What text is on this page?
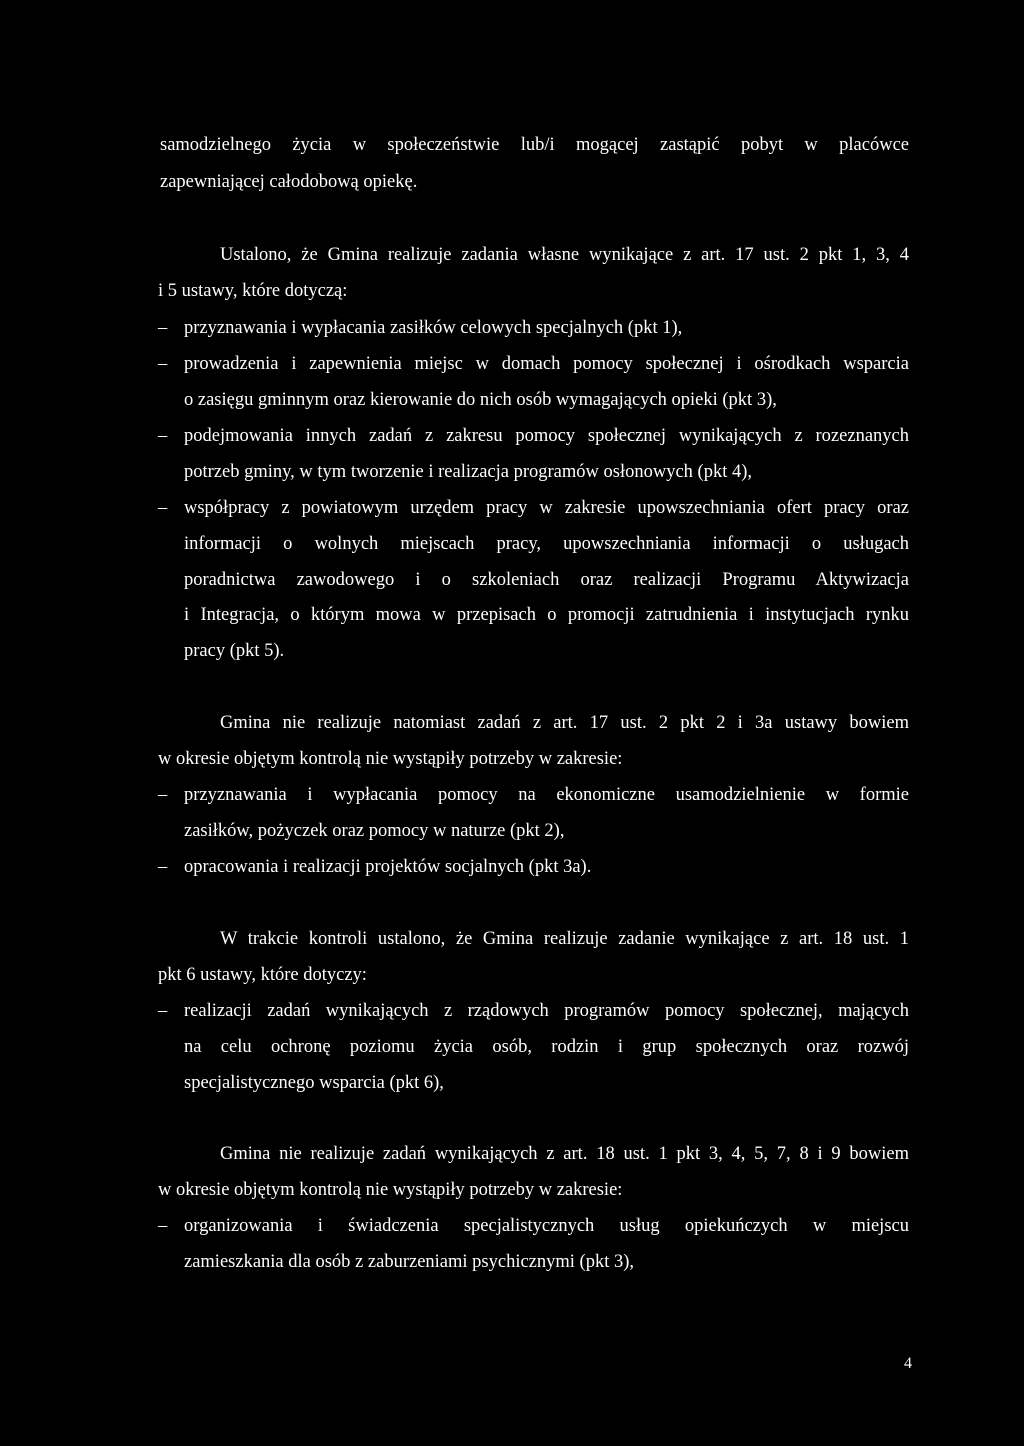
samodzielnego życia w społeczeństwie lub/i mogącej zastąpić pobyt w placówce
zapewniającej całodobową opiekę.
Ustalono, że Gmina realizuje zadania własne wynikające z art. 17 ust. 2 pkt 1, 3, 4
i 5 ustawy, które dotyczą:
– przyznawania i wypłacania zasiłków celowych specjalnych (pkt 1),
– prowadzenia i zapewnienia miejsc w domach pomocy społecznej i ośrodkach wsparcia
o zasięgu gminnym oraz kierowanie do nich osób wymagających opieki (pkt 3),
– podejmowania innych zadań z zakresu pomocy społecznej wynikających z rozeznanych
potrzeb gminy, w tym tworzenie i realizacja programów osłonowych (pkt 4),
– współpracy z powiatowym urzędem pracy w zakresie upowszechniania ofert pracy oraz
informacji o wolnych miejscach pracy, upowszechniania informacji o usługach
poradnictwa zawodowego i o szkoleniach oraz realizacji Programu Aktywizacja
i Integracja, o którym mowa w przepisach o promocji zatrudnienia i instytucjach rynku
pracy (pkt 5).
Gmina nie realizuje natomiast zadań z art. 17 ust. 2 pkt 2 i 3a ustawy bowiem
w okresie objętym kontrolą nie wystąpiły potrzeby w zakresie:
– przyznawania i wypłacania pomocy na ekonomiczne usamodzielnienie w formie
zasiłków, pożyczek oraz pomocy w naturze (pkt 2),
– opracowania i realizacji projektów socjalnych (pkt 3a).
W trakcie kontroli ustalono, że Gmina realizuje zadanie wynikające z art. 18 ust. 1
pkt 6 ustawy, które dotyczy:
– realizacji zadań wynikających z rządowych programów pomocy społecznej, mających
na celu ochronę poziomu życia osób, rodzin i grup społecznych oraz rozwój
specjalistycznego wsparcia (pkt 6),
Gmina nie realizuje zadań wynikających z art. 18 ust. 1 pkt 3, 4, 5, 7, 8 i 9 bowiem
w okresie objętym kontrolą nie wystąpiły potrzeby w zakresie:
– organizowania i świadczenia specjalistycznych usług opiekuńczych w miejscu
zamieszkania dla osób z zaburzeniami psychicznymi (pkt 3),
4
